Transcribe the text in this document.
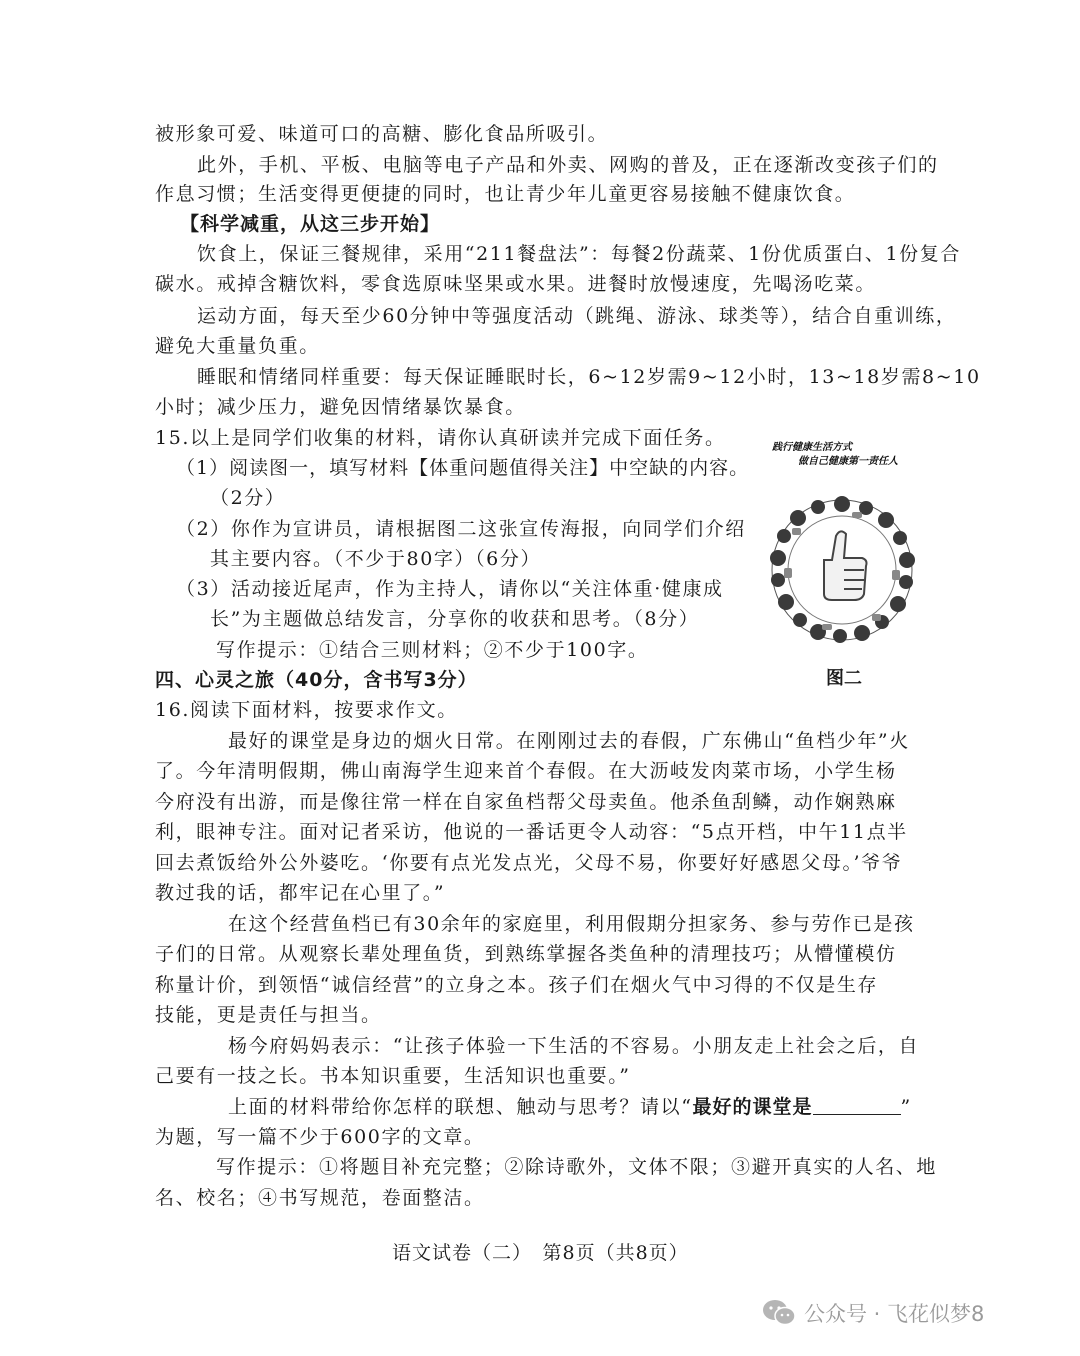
被形象可爱、味道可口的高糖、膨化食品所吸引。
此外，手机、平板、电脑等电子产品和外卖、网购的普及，正在逐渐改变孩子们的
作息习惯；生活变得更便捷的同时，也让青少年儿童更容易接触不健康饮食。
【科学减重，从这三步开始】
饮食上，保证三餐规律，采用“211餐盘法”：每餐2份蔬菜、1份优质蛋白、1份复合
碳水。戒掉含糖饮料，零食选原味坚果或水果。进餐时放慢速度，先喝汤吃菜。
运动方面，每天至少60分钟中等强度活动（跳绳、游泳、球类等），结合自重训练，
避免大重量负重。
睡眠和情绪同样重要：每天保证睡眠时长，6~12岁需9~12小时，13~18岁需8~10
小时；减少压力，避免因情绪暴饮暴食。
15.以上是同学们收集的材料，请你认真研读并完成下面任务。
（1）阅读图一，填写材料【体重问题值得关注】中空缺的内容。
（2分）
（2）你作为宣讲员，请根据图二这张宣传海报，向同学们介绍
其主要内容。（不少于80字）（6分）
（3）活动接近尾声，作为主持人，请你以“关注体重·健康成
长”为主题做总结发言，分享你的收获和思考。（8分）
写作提示：①结合三则材料；②不少于100字。
四、心灵之旅（40分，含书写3分）
16.阅读下面材料，按要求作文。
最好的课堂是身边的烟火日常。在刚刚过去的春假，广东佛山“鱼档少年”火
了。今年清明假期，佛山南海学生迎来首个春假。在大沥岐发肉菜市场，小学生杨
今府没有出游，而是像往常一样在自家鱼档帮父母卖鱼。他杀鱼刮鳞，动作娴熟麻
利，眼神专注。面对记者采访，他说的一番话更令人动容：“5点开档，中午11点半
回去煮饭给外公外婆吃。‘你要有点光发点光，父母不易，你要好好感恩父母。’爷爷
教过我的话，都牢记在心里了。”
在这个经营鱼档已有30余年的家庭里，利用假期分担家务、参与劳作已是孩
子们的日常。从观察长辈处理鱼货，到熟练掌握各类鱼种的清理技巧；从懵懂模仿
称量计价，到领悟“诚信经营”的立身之本。孩子们在烟火气中习得的不仅是生存
技能，更是责任与担当。
杨今府妈妈表示：“让孩子体验一下生活的不容易。小朋友走上社会之后，自
己要有一技之长。书本知识重要，生活知识也重要。”
上面的材料带给你怎样的联想、触动与思考？请以“最好的课堂是	”
为题，写一篇不少于600字的文章。
写作提示：①将题目补充完整；②除诗歌外，文体不限；③避开真实的人名、地
名、校名；④书写规范，卷面整洁。
践行健康生活方式
做自己健康第一责任人
图二
语文试卷（二）　第8页（共8页）
公众号 · 飞花似梦8
